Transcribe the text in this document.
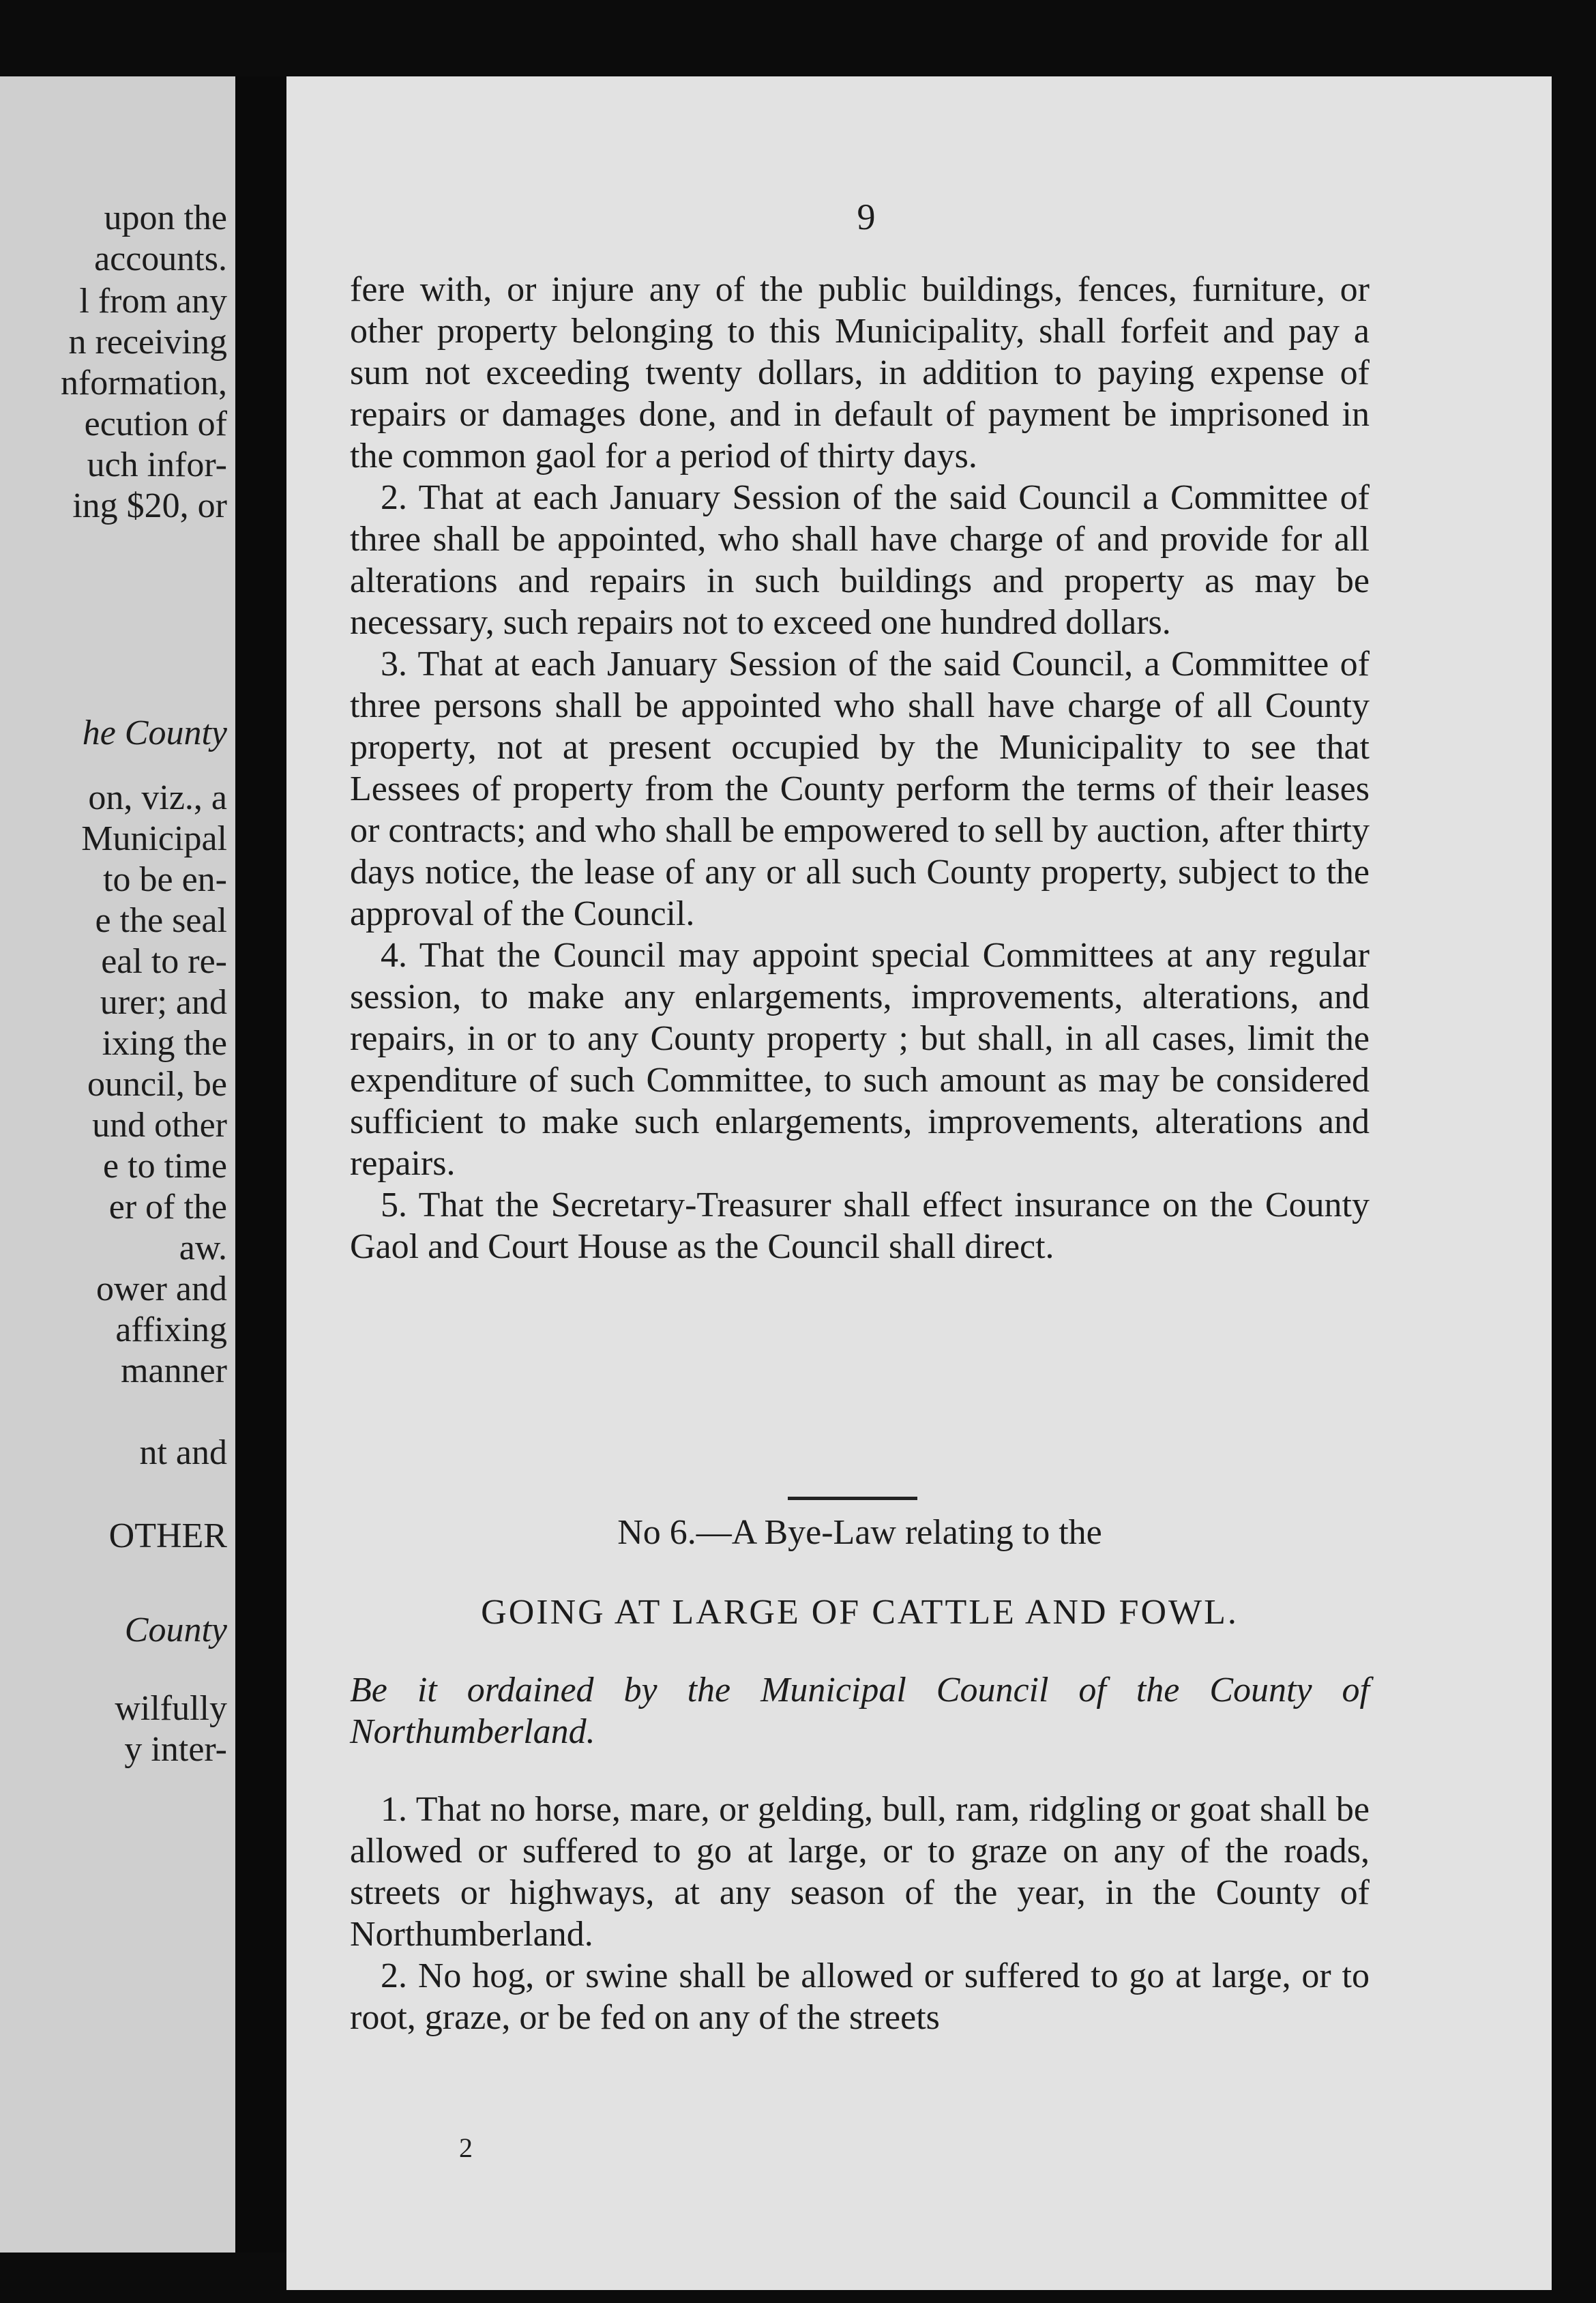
upon the
accounts.
l from any
n receiving
nformation,
ecution of
uch infor-
ing $20, or
he County
on, viz., a
Municipal
to be en-
e the seal
eal to re-
urer; and
ixing the
ouncil, be
und other
e to time
er of the
aw.
ower and
affixing
manner
nt and
OTHER
County
wilfully
y inter-
9

fere with, or injure any of the public buildings, fences, furniture, or other property belonging to this Municipality, shall forfeit and pay a sum not exceeding twenty dollars, in addition to paying expense of repairs or damages done, and in default of payment be imprisoned in the common gaol for a period of thirty days.

2. That at each January Session of the said Council a Committee of three shall be appointed, who shall have charge of and provide for all alterations and repairs in such buildings and property as may be necessary, such repairs not to exceed one hundred dollars.

3. That at each January Session of the said Council, a Committee of three persons shall be appointed who shall have charge of all County property, not at present occupied by the Municipality to see that Lessees of property from the County perform the terms of their leases or contracts; and who shall be empowered to sell by auction, after thirty days notice, the lease of any or all such County property, subject to the approval of the Council.

4. That the Council may appoint special Committees at any regular session, to make any enlargements, improvements, alterations, and repairs, in or to any County property ; but shall, in all cases, limit the expenditure of such Committee, to such amount as may be considered sufficient to make such enlargements, improvements, alterations and repairs.

5. That the Secretary-Treasurer shall effect insurance on the County Gaol and Court House as the Council shall direct.

No 6.—A Bye-Law relating to the
GOING AT LARGE OF CATTLE AND FOWL.
Be it ordained by the Municipal Council of the County of Northumberland.

1. That no horse, mare, or gelding, bull, ram, ridgling or goat shall be allowed or suffered to go at large, or to graze on any of the roads, streets or highways, at any season of the year, in the County of Northumberland.

2. No hog, or swine shall be allowed or suffered to go at large, or to root, graze, or be fed on any of the streets

2
